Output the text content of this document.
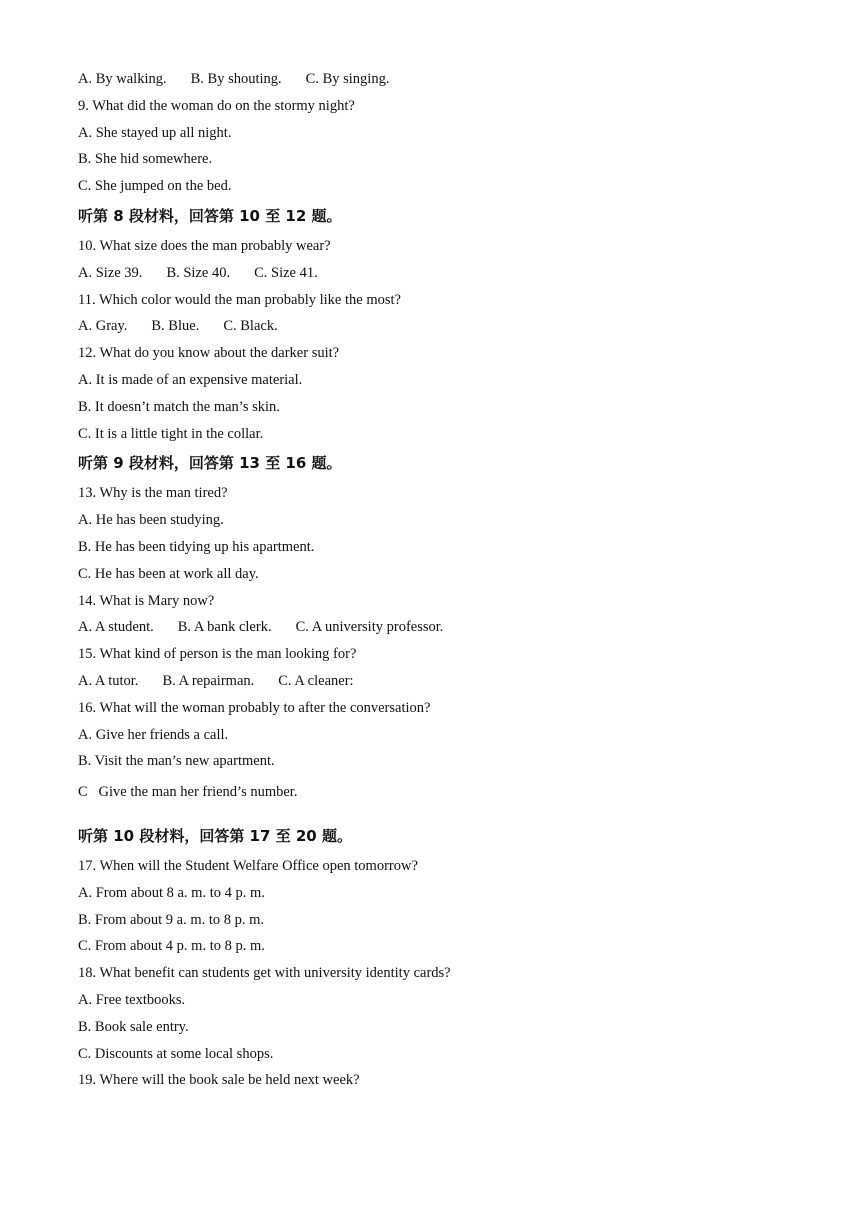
A. By walking. B. By shouting. C. By singing.
9. What did the woman do on the stormy night?
A. She stayed up all night.
B. She hid somewhere.
C. She jumped on the bed.
听第 8 段材料，回答第 10 至 12 题。
10. What size does the man probably wear?
A. Size 39. B. Size 40. C. Size 41.
11. Which color would the man probably like the most?
A. Gray. B. Blue. C. Black.
12. What do you know about the darker suit?
A. It is made of an expensive material.
B. It doesn’t match the man’s skin.
C. It is a little tight in the collar.
听第 9 段材料，回答第 13 至 16 题。
13. Why is the man tired?
A. He has been studying.
B. He has been tidying up his apartment.
C. He has been at work all day.
14. What is Mary now?
A. A student. B. A bank clerk. C. A university professor.
15. What kind of person is the man looking for?
A. A tutor. B. A repairman. C. A cleaner:
16. What will the woman probably to after the conversation?
A. Give her friends a call.
B. Visit the man’s new apartment.
C   Give the man her friend’s number.
听第 10 段材料，回答第 17 至 20 题。
17. When will the Student Welfare Office open tomorrow?
A. From about 8 a. m. to 4 p. m.
B. From about 9 a. m. to 8 p. m.
C. From about 4 p. m. to 8 p. m.
18. What benefit can students get with university identity cards?
A. Free textbooks.
B. Book sale entry.
C. Discounts at some local shops.
19. Where will the book sale be held next week?
